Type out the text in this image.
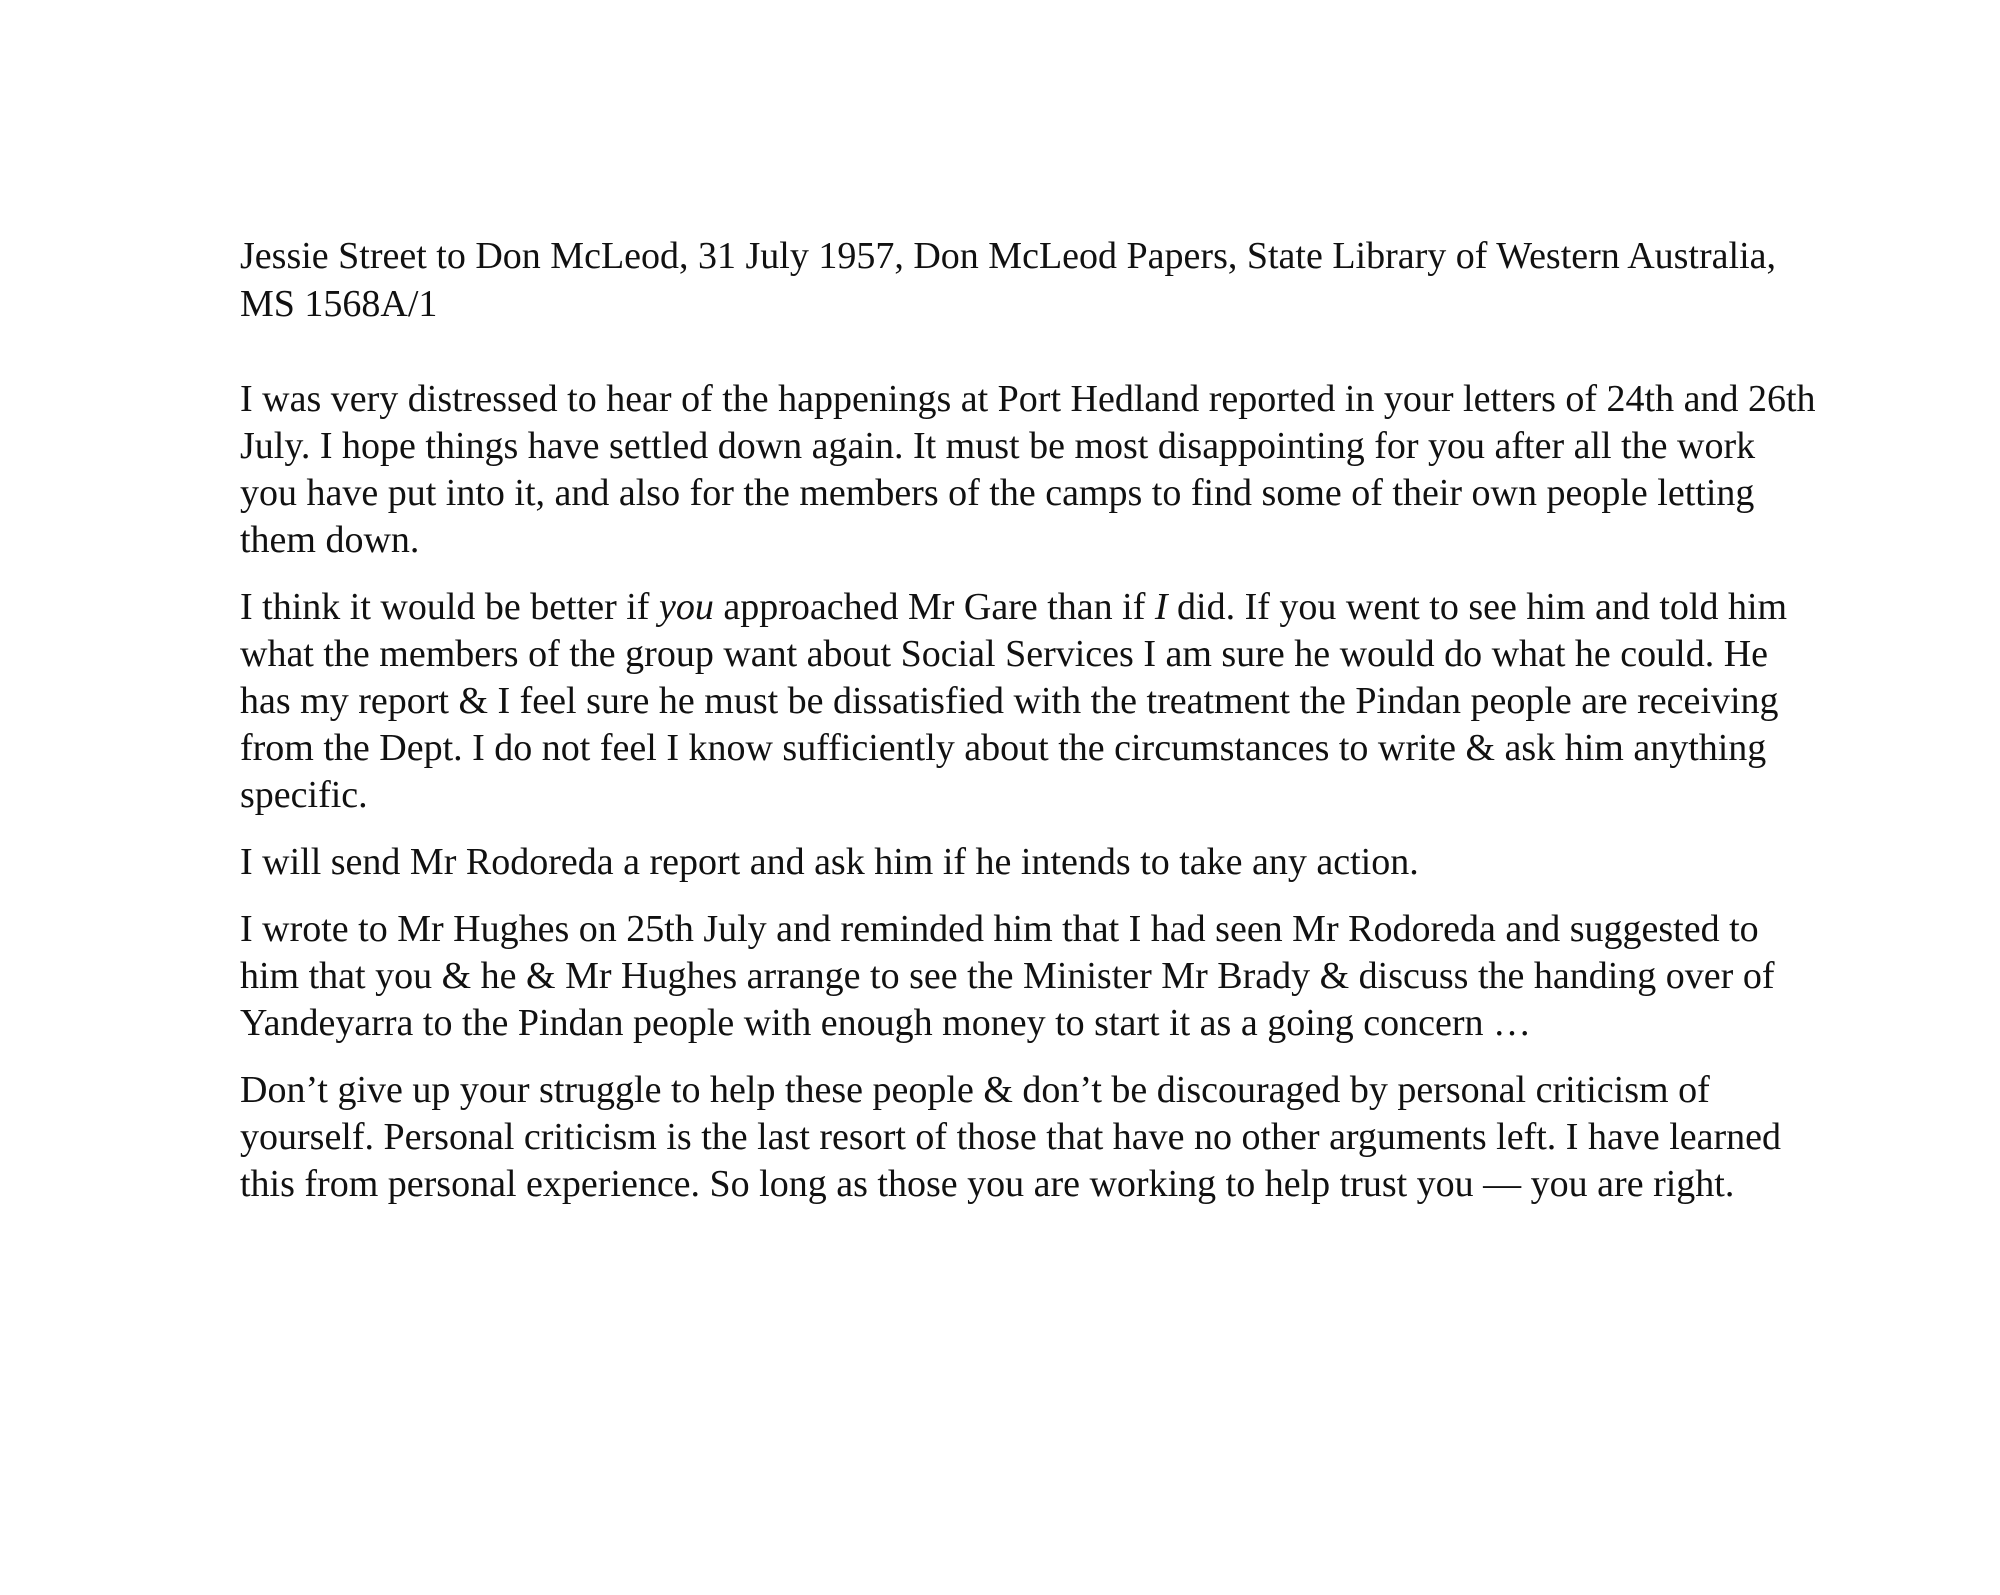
Jessie Street to Don McLeod, 31 July 1957, Don McLeod Papers, State Library of Western Australia, MS 1568A/1

I was very distressed to hear of the happenings at Port Hedland reported in your letters of 24th and 26th July. I hope things have settled down again. It must be most disappointing for you after all the work you have put into it, and also for the members of the camps to find some of their own people letting them down.

I think it would be better if you approached Mr Gare than if I did. If you went to see him and told him what the members of the group want about Social Services I am sure he would do what he could. He has my report & I feel sure he must be dissatisfied with the treatment the Pindan people are receiving from the Dept. I do not feel I know sufficiently about the circumstances to write & ask him anything specific.

I will send Mr Rodoreda a report and ask him if he intends to take any action.

I wrote to Mr Hughes on 25th July and reminded him that I had seen Mr Rodoreda and suggested to him that you & he & Mr Hughes arrange to see the Minister Mr Brady & discuss the handing over of Yandeyarra to the Pindan people with enough money to start it as a going concern …

Don’t give up your struggle to help these people & don’t be discouraged by personal criticism of yourself. Personal criticism is the last resort of those that have no other arguments left. I have learned this from personal experience. So long as those you are working to help trust you — you are right.
